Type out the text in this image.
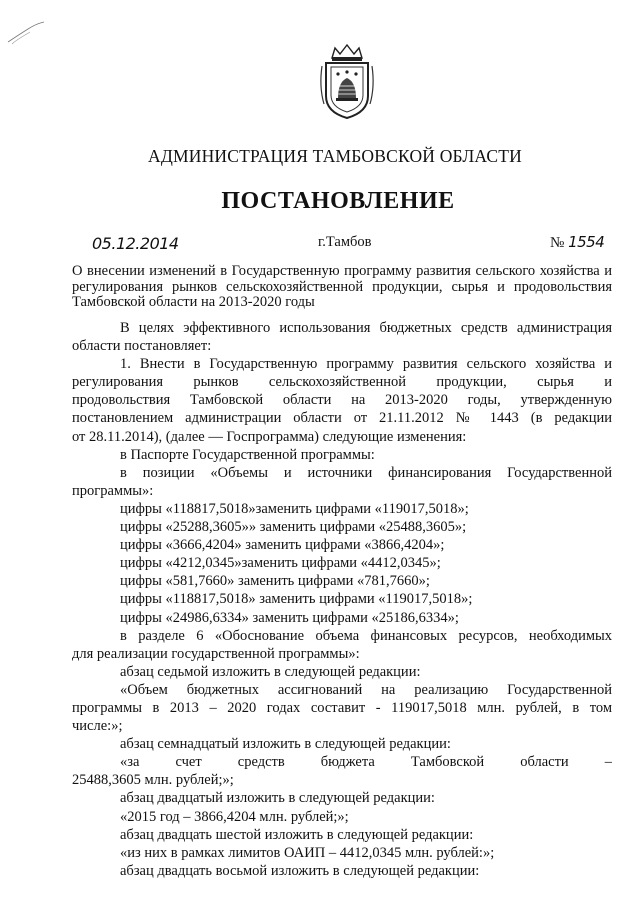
АДМИНИСТРАЦИЯ ТАМБОВСКОЙ ОБЛАСТИ
ПОСТАНОВЛЕНИЕ
05.12.2014	г.Тамбов	№ 1554
О внесении изменений в Государственную программу развития сельского хозяйства и регулирования рынков сельскохозяйственной продукции, сырья и продовольствия Тамбовской области на 2013-2020 годы
В целях эффективного использования бюджетных средств администрация
области постановляет:
1. Внести в Государственную программу развития сельского хозяйства и
регулирования рынков сельскохозяйственной продукции, сырья и
продовольствия Тамбовской области на 2013-2020 годы, утвержденную
постановлением администрации области от 21.11.2012 № 1443 (в редакции
от 28.11.2014), (далее — Госпрограмма) следующие изменения:
в Паспорте Государственной программы:
в позиции «Объемы и источники финансирования Государственной
программы»:
цифры «118817,5018»заменить цифрами «119017,5018»;
цифры «25288,3605»» заменить цифрами «25488,3605»;
цифры «3666,4204» заменить цифрами «3866,4204»;
цифры «4212,0345»заменить цифрами «4412,0345»;
цифры «581,7660» заменить цифрами «781,7660»;
цифры «118817,5018» заменить цифрами «119017,5018»;
цифры «24986,6334» заменить цифрами «25186,6334»;
в разделе 6 «Обоснование объема финансовых ресурсов, необходимых
для реализации государственной программы»:
абзац седьмой изложить в следующей редакции:
«Объем бюджетных ассигнований на реализацию Государственной
программы в 2013 – 2020 годах составит - 119017,5018 млн. рублей, в том
числе:»;
абзац семнадцатый изложить в следующей редакции:
«за счет средств бюджета Тамбовской области –
25488,3605 млн. рублей;»;
абзац двадцатый изложить в следующей редакции:
«2015 год – 3866,4204 млн. рублей;»;
абзац двадцать шестой изложить в следующей редакции:
«из них в рамках лимитов ОАИП – 4412,0345 млн. рублей:»;
абзац двадцать восьмой изложить в следующей редакции:
